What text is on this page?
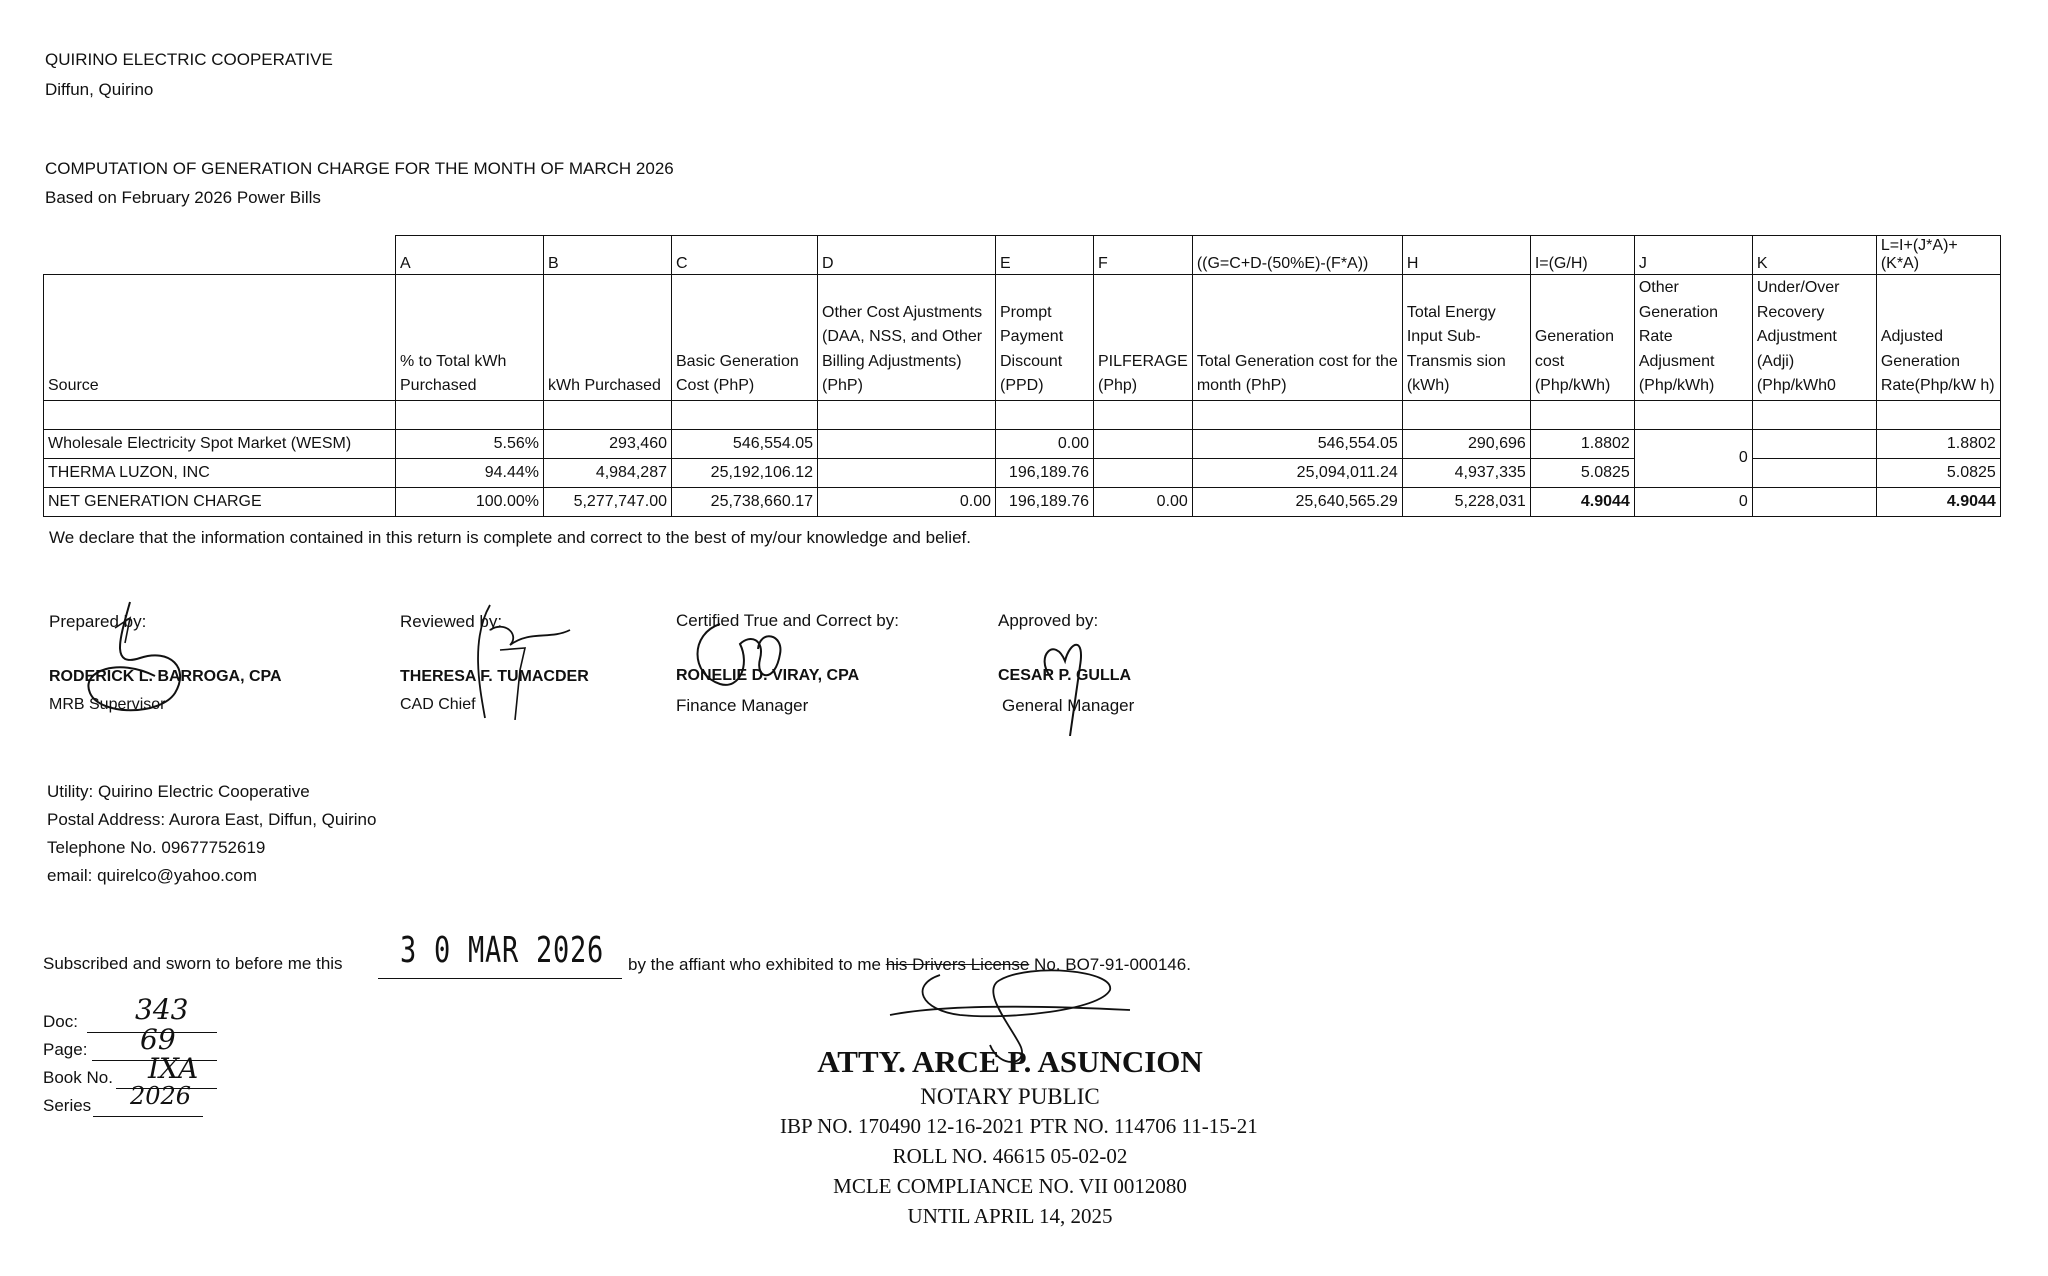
QUIRINO ELECTRIC COOPERATIVE
Diffun, Quirino
COMPUTATION OF GENERATION CHARGE FOR THE MONTH OF MARCH 2026
Based on February 2026 Power Bills
	A	B	C	D	E	F	((G=C+D-(50%E)-(F*A))	H	I=(G/H)	J	K	L=I+(J*A)+(K*A)
Source	% to Total kWh Purchased	kWh Purchased	Basic Generation Cost (PhP)	Other Cost Ajustments (DAA, NSS, and Other Billing Adjustments) (PhP)	Prompt Payment Discount (PPD)	PILFERAGE (Php)	Total Generation cost for the month (PhP)	Total Energy Input Sub-Transmis sion (kWh)	Generation cost (Php/kWh)	Other Generation Rate Adjusment (Php/kWh)	Under/Over Recovery Adjustment (Adji) (Php/kWh0	Adjusted Generation Rate(Php/kW h)

Wholesale Electricity Spot Market (WESM)	5.56%	293,460	546,554.05		0.00		546,554.05	290,696	1.8802	0		1.8802
THERMA LUZON, INC	94.44%	4,984,287	25,192,106.12		196,189.76		25,094,011.24	4,937,335	5.0825			5.0825
NET GENERATION CHARGE	100.00%	5,277,747.00	25,738,660.17	0.00	196,189.76	0.00	25,640,565.29	5,228,031	4.9044	0		4.9044
We declare that the information contained in this return is complete and correct to the best of my/our knowledge and belief.
Prepared by:
RODERICK L. BARROGA, CPA
MRB Supervisor
Reviewed by:
THERESA F. TUMACDER
CAD Chief
Certified True and Correct by:
RONELIE D. VIRAY, CPA
Finance Manager
Approved by:
CESAR P. GULLA
General Manager
Utility: Quirino Electric Cooperative
Postal Address: Aurora East, Diffun, Quirino
Telephone No. 09677752619
email: quirelco@yahoo.com
Subscribed and sworn to before me this 3 0 MAR 2026 by the affiant who exhibited to me his Drivers License No. BO7-91-000146.
Doc: 343
Page: 69
Book No. IXA
Series 2026
ATTY. ARCE P. ASUNCION
NOTARY PUBLIC
IBP NO. 170490 12-16-2021 PTR NO. 114706 11-15-21
ROLL NO. 46615 05-02-02
MCLE COMPLIANCE NO. VII 0012080
UNTIL APRIL 14, 2025
